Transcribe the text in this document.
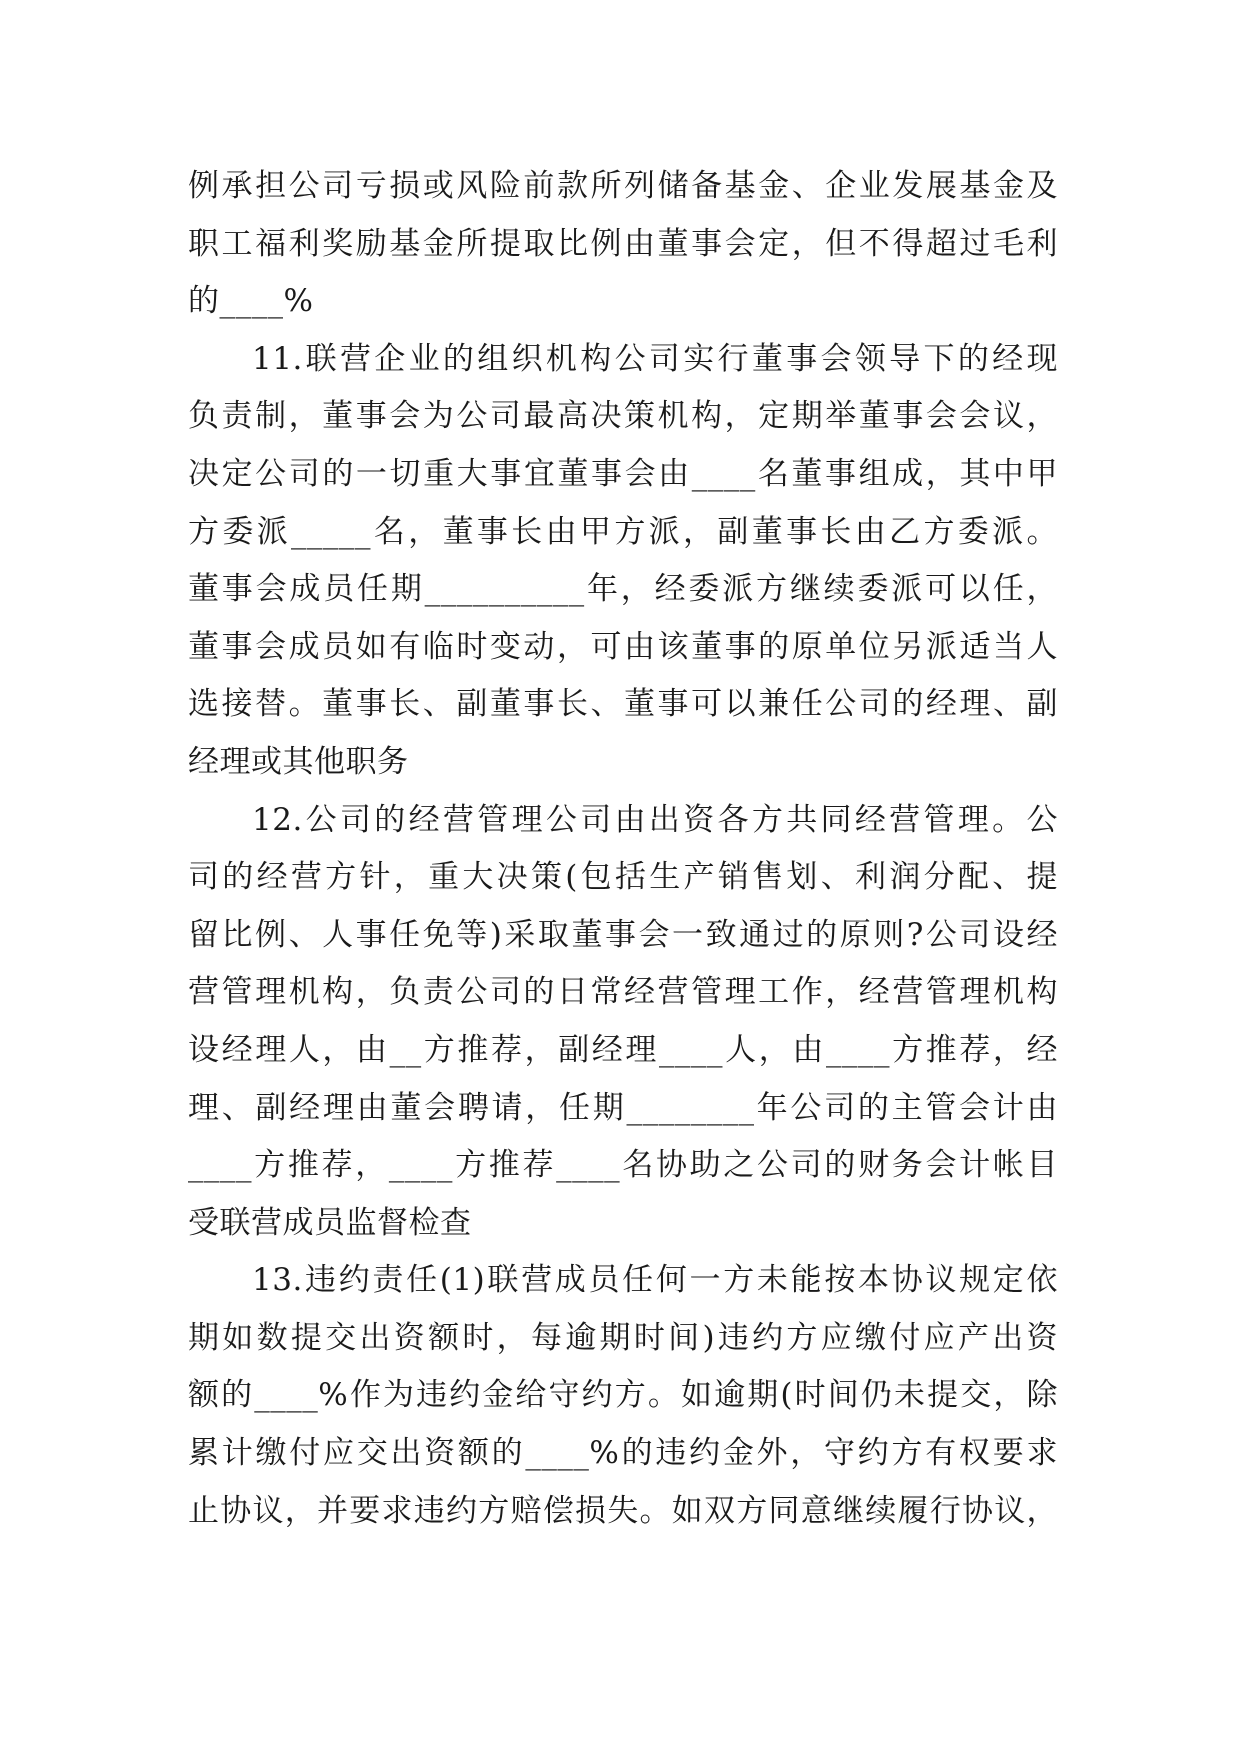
例承担公司亏损或风险前款所列储备基金、企业发展基金及
职工福利奖励基金所提取比例由董事会定，但不得超过毛利
的____%
11.联营企业的组织机构公司实行董事会领导下的经现
负责制，董事会为公司最高决策机构，定期举董事会会议，
决定公司的一切重大事宜董事会由____名董事组成，其中甲
方委派_____名，董事长由甲方派，副董事长由乙方委派。
董事会成员任期__________年，经委派方继续委派可以任，
董事会成员如有临时变动，可由该董事的原单位另派适当人
选接替。董事长、副董事长、董事可以兼任公司的经理、副
经理或其他职务
12.公司的经营管理公司由出资各方共同经营管理。公
司的经营方针，重大决策(包括生产销售划、利润分配、提
留比例、人事任免等)采取董事会一致通过的原则?公司设经
营管理机构，负责公司的日常经营管理工作，经营管理机构
设经理人，由__方推荐，副经理____人，由____方推荐，经
理、副经理由董会聘请，任期________年公司的主管会计由
____方推荐，____方推荐____名协助之公司的财务会计帐目
受联营成员监督检查
13.违约责任(1)联营成员任何一方未能按本协议规定依
期如数提交出资额时，每逾期时间)违约方应缴付应产出资
额的____%作为违约金给守约方。如逾期(时间仍未提交，除
累计缴付应交出资额的____%的违约金外，守约方有权要求
止协议，并要求违约方赔偿损失。如双方同意继续履行协议，
